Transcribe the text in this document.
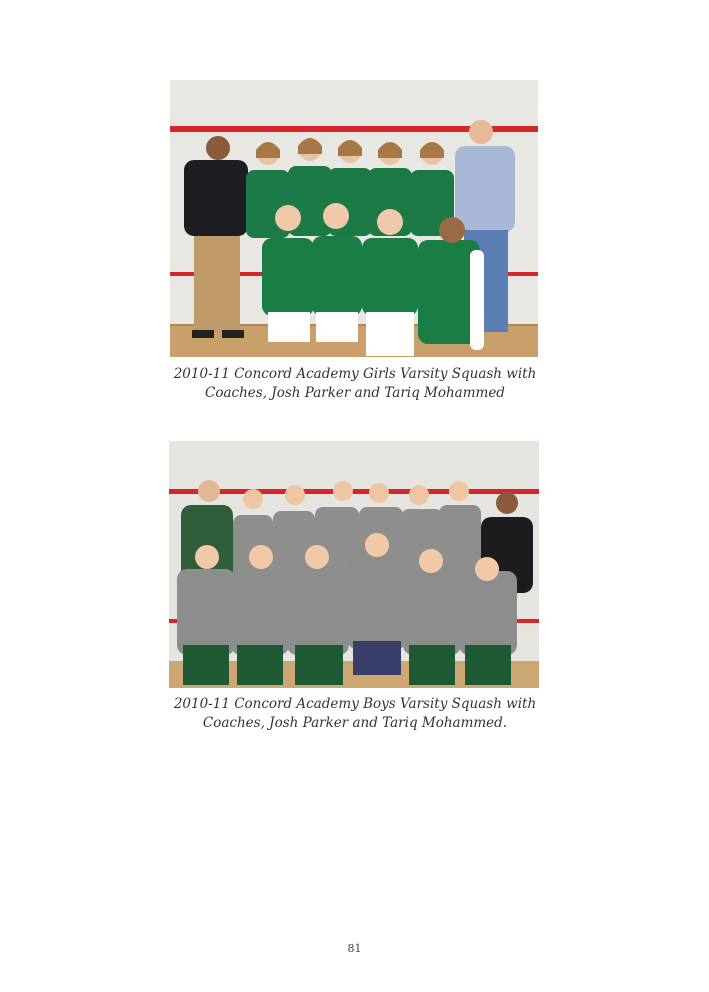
2010-11 Concord Academy Girls Varsity Squash with
Coaches, Josh Parker and Tariq Mohammed
2010-11 Concord Academy Boys Varsity Squash with
Coaches, Josh Parker and Tariq Mohammed.
81
